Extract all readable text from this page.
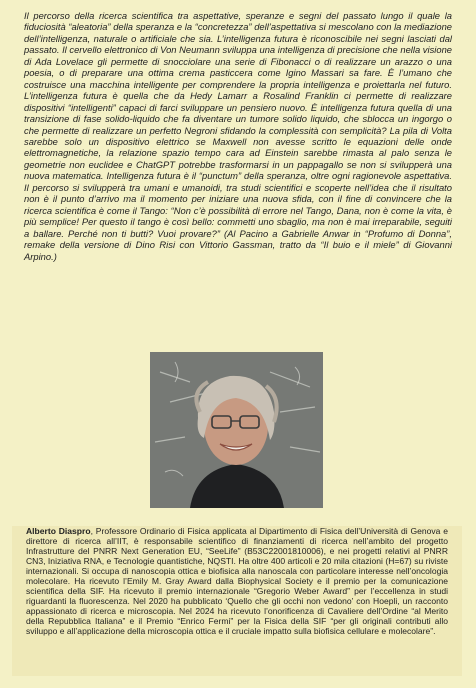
Il percorso della ricerca scientifica tra aspettative, speranze e segni del passato lungo il quale la fiduciosità “aleatoria” della speranza e la “concretezza” dell’aspettativa si mescolano con la mediazione dell’intelligenza, naturale o artificiale che sia. L’intelligenza futura è riconoscibile nei segni lasciati dal passato. Il cervello elettronico di Von Neumann sviluppa una intelligenza di precisione che nella visione di Ada Lovelace gli permette di snocciolare una serie di Fibonacci o di realizzare un arazzo o una poesia, o di preparare una ottima crema pasticcera come Igino Massari sa fare. È l’umano che costruisce una macchina intelligente per comprendere la propria intelligenza e proiettarla nel futuro. L’intelligenza futura è quella che da Hedy Lamarr a Rosalind Franklin ci permette di realizzare dispositivi “intelligenti” capaci di farci sviluppare un pensiero nuovo. È intelligenza futura quella di una transizione di fase solido-liquido che fa diventare un tumore solido liquido, che sblocca un ingorgo o che permette di realizzare un perfetto Negroni sfidando la complessità con semplicità? La pila di Volta sarebbe solo un dispositivo elettrico se Maxwell non avesse scritto le equazioni delle onde elettromagnetiche, la relazione spazio tempo cara ad Einstein sarebbe rimasta al palo senza le geometrie non euclidee e ChatGPT potrebbe trasformarsi in un pappagallo se non si svilupperà una nuova matematica. Intelligenza futura è il “punctum” della speranza, oltre ogni ragionevole aspettativa. Il percorso si svilupperà tra umani e umanoidi, tra studi scientifici e scoperte nell’idea che il risultato non è il punto d’arrivo ma il momento per iniziare una nuova sfida, con il fine di convincere che la ricerca scientifica è come il Tango: “Non c’è possibilità di errore nel Tango, Dana, non è come la vita, è più semplice! Per questo il tango è così bello: commetti uno sbaglio, ma non è mai irreparabile, seguiti a ballare. Perché non ti butti? Vuoi provare?” (Al Pacino a Gabrielle Anwar in “Profumo di Donna”, remake della versione di Dino Risi con Vittorio Gassman, tratto da “Il buio e il miele” di Giovanni Arpino.)

Alberto Diaspro, Professore Ordinario di Fisica applicata al Dipartimento di Fisica dell’Università di Genova e direttore di ricerca all’IIT, è responsabile scientifico di finanziamenti di ricerca nell’ambito del progetto Infrastrutture del PNRR Next Generation EU, “SeeLife” (B53C22001810006), e nei progetti relativi al PNRR CN3, Iniziativa RNA, e Tecnologie quantistiche, NQSTI. Ha oltre 400 articoli e 20 mila citazioni (H=67) su riviste internazionali. Si occupa di nanoscopia ottica e biofisica alla nanoscala con particolare interesse nell’oncologia molecolare. Ha ricevuto l’Emily M. Gray Award dalla Biophysical Society e il premio per la comunicazione scientifica della SIF. Ha ricevuto il premio internazionale “Gregorio Weber Award” per l’eccellenza in studi riguardanti la fluorescenza. Nel 2020 ha pubblicato ‘Quello che gli occhi non vedono’ con Hoepli, un racconto appassionato di ricerca e microscopia. Nel 2024 ha ricevuto l’onorificenza di Cavaliere dell’Ordine “al Merito della Repubblica Italiana” e il Premio “Enrico Fermi” per la Fisica della SIF “per gli originali contributi allo sviluppo e all’applicazione della microscopia ottica e il cruciale impatto sulla biofisica cellulare e molecolare”.
